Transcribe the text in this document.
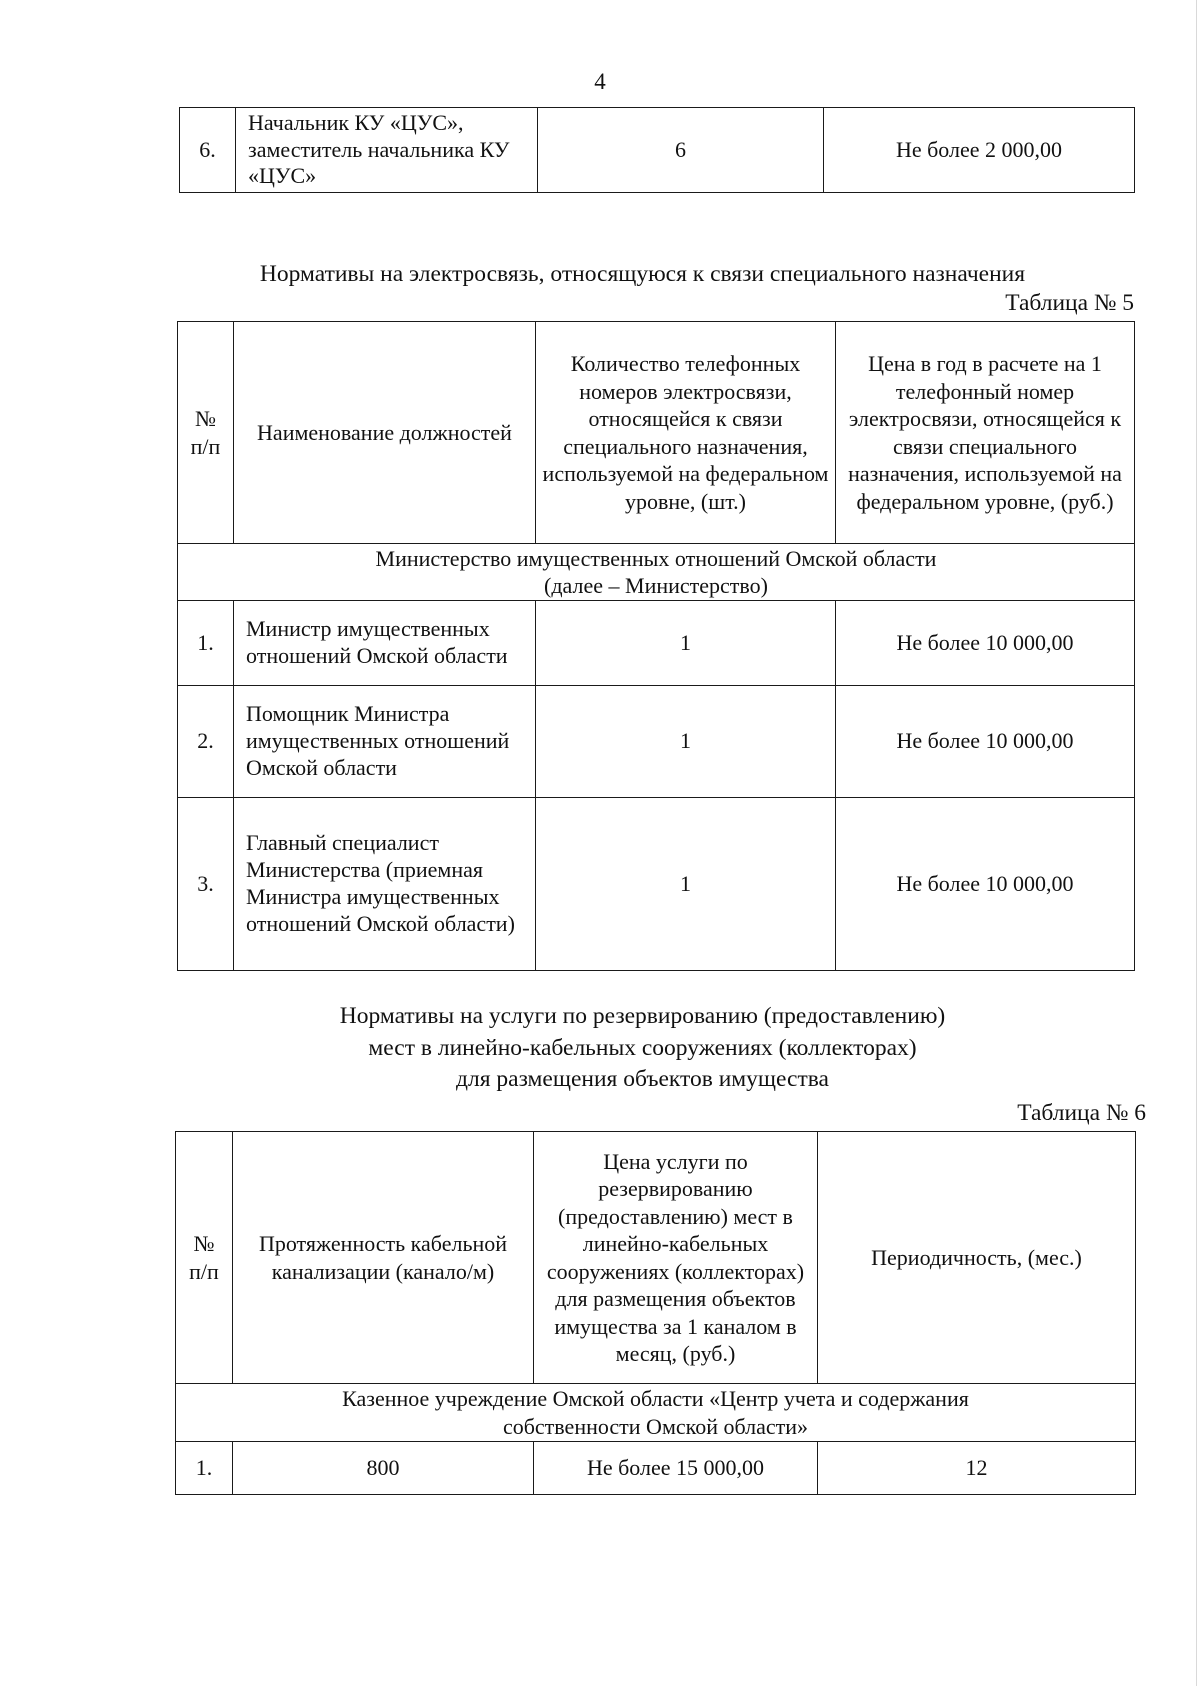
4
6.	Начальник КУ «ЦУС», заместитель начальника КУ «ЦУС»	6	Не более 2 000,00
Нормативы на электросвязь, относящуюся к связи специального назначения
Таблица № 5
№ п/п	Наименование должностей	Количество телефонных номеров электросвязи, относящейся к связи специального назначения, используемой на федеральном уровне, (шт.)	Цена в год в расчете на 1 телефонный номер электросвязи, относящейся к связи специального назначения, используемой на федеральном уровне, (руб.)

Министерство имущественных отношений Омской области (далее – Министерство)			

1.	Министр имущественных отношений Омской области	1	Не более 10 000,00
2.	Помощник Министра имущественных отношений Омской области	1	Не более 10 000,00
3.	Главный специалист Министерства (приемная Министра имущественных отношений Омской области)	1	Не более 10 000,00
Нормативы на услуги по резервированию (предоставлению)
мест в линейно-кабельных сооружениях (коллекторах)
для размещения объектов имущества
Таблица № 6
№ п/п	Протяженность кабельной канализации (канало/м)	Цена услуги по резервированию (предоставлению) мест в линейно-кабельных сооружениях (коллекторах) для размещения объектов имущества за 1 каналом в месяц, (руб.)	Периодичность, (мес.)

Казенное учреждение Омской области «Центр учета и содержания собственности Омской области»			

1.	800	Не более 15 000,00	12
